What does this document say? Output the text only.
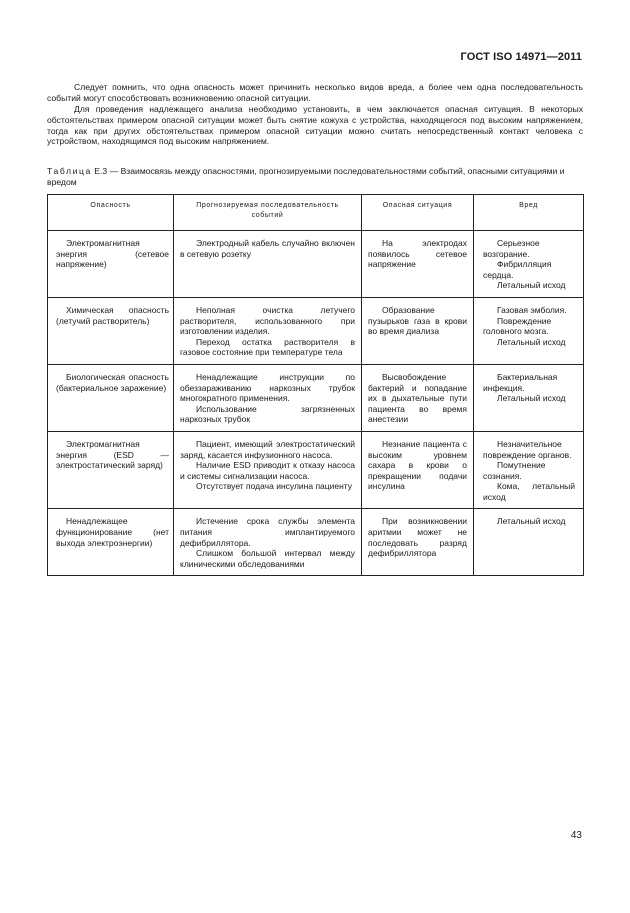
ГОСТ ISO 14971—2011

Следует помнить, что одна опасность может причинить несколько видов вреда, а более чем одна последовательность событий могут способствовать возникновению опасной ситуации.

Для проведения надлежащего анализа необходимо установить, в чем заключается опасная ситуация. В некоторых обстоятельствах примером опасной ситуации может быть снятие кожуха с устройства, находящегося под высоким напряжением, тогда как при других обстоятельствах примером опасной ситуации можно считать непосредственный контакт человека с устройством, находящимся под высоким напряжением.

Таблица Е.3 — Взаимосвязь между опасностями, прогнозируемыми последовательностями событий, опасными ситуациями и вредом

Опасность	Прогнозируемая последовательность событий	Опасная ситуация	Вред
Электромагнитная энергия (сетевое напряжение)	Электродный кабель случайно включен в сетевую розетку	На электродах появилось сетевое напряжение	Серьезное возгорание.
Фибрилляция сердца.
Летальный исход

Химическая опасность (летучий растворитель)	Неполная очистка летучего растворителя, использованного при изготовлении изделия.
Переход остатка растворителя в газовое состояние при температуре тела	Образование пузырьков газа в крови во время диализа	Газовая эмболия.
Повреждение головного мозга.
Летальный исход

Биологическая опасность (бактериальное заражение)	Ненадлежащие инструкции по обеззараживанию наркозных трубок многократного применения.
Использование загрязненных наркозных трубок	Высвобождение бактерий и попадание их в дыхательные пути пациента во время анестезии	Бактериальная инфекция.
Летальный исход

Электромагнитная энергия (ESD — электростатический заряд)	Пациент, имеющий электростатический заряд, касается инфузионного насоса.
Наличие ESD приводит к отказу насоса и системы сигнализации насоса.
Отсутствует подача инсулина пациенту	Незнание пациента с высоким уровнем сахара в крови о прекращении подачи инсулина	Незначительное повреждение органов.
Помутнение сознания.
Кома, летальный исход

Ненадлежащее функционирование (нет выхода электроэнергии)	Истечение срока службы элемента питания имплантируемого дефибриллятора.
Слишком большой интервал между клиническими обследованиями	При возникновении аритмии может не последовать разряд дефибриллятора	Летальный исход
43
